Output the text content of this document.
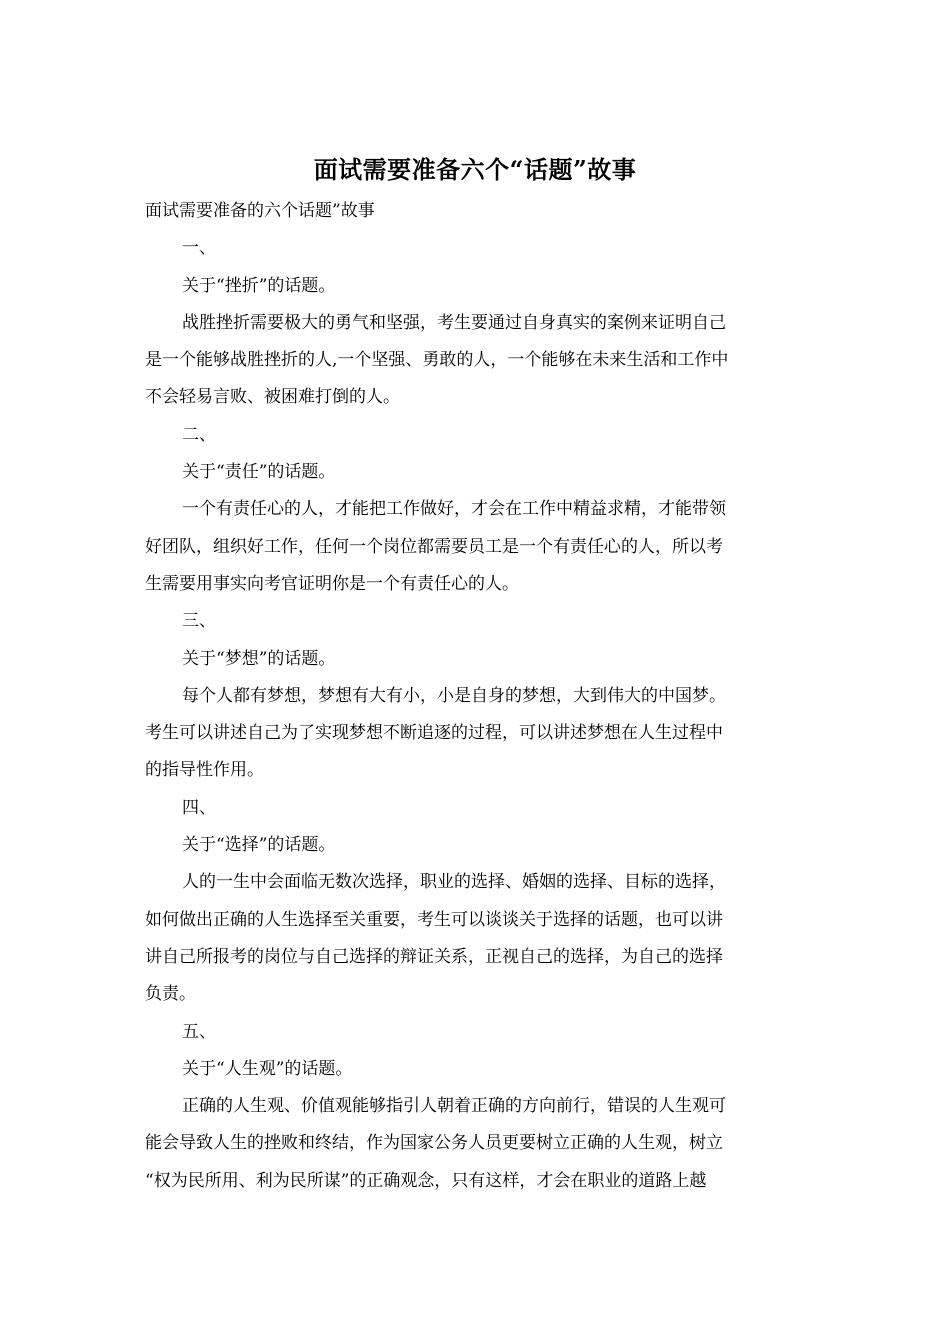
面试需要准备六个“话题”故事

面试需要准备的六个话题”故事

一、

关于“挫折”的话题。

战胜挫折需要极大的勇气和坚强，考生要通过自身真实的案例来证明自己

是一个能够战胜挫折的人,一个坚强、勇敢的人，一个能够在未来生活和工作中

不会轻易言败、被困难打倒的人。

二、

关于“责任”的话题。

一个有责任心的人，才能把工作做好，才会在工作中精益求精，才能带领

好团队，组织好工作，任何一个岗位都需要员工是一个有责任心的人，所以考

生需要用事实向考官证明你是一个有责任心的人。

三、

关于“梦想”的话题。

每个人都有梦想，梦想有大有小，小是自身的梦想，大到伟大的中国梦。

考生可以讲述自己为了实现梦想不断追逐的过程，可以讲述梦想在人生过程中

的指导性作用。

四、

关于“选择”的话题。

人的一生中会面临无数次选择，职业的选择、婚姻的选择、目标的选择，

如何做出正确的人生选择至关重要，考生可以谈谈关于选择的话题，也可以讲

讲自己所报考的岗位与自己选择的辩证关系，正视自己的选择，为自己的选择

负责。

五、

关于“人生观”的话题。

正确的人生观、价值观能够指引人朝着正确的方向前行，错误的人生观可

能会导致人生的挫败和终结，作为国家公务人员更要树立正确的人生观，树立

“权为民所用、利为民所谋”的正确观念，只有这样，才会在职业的道路上越
